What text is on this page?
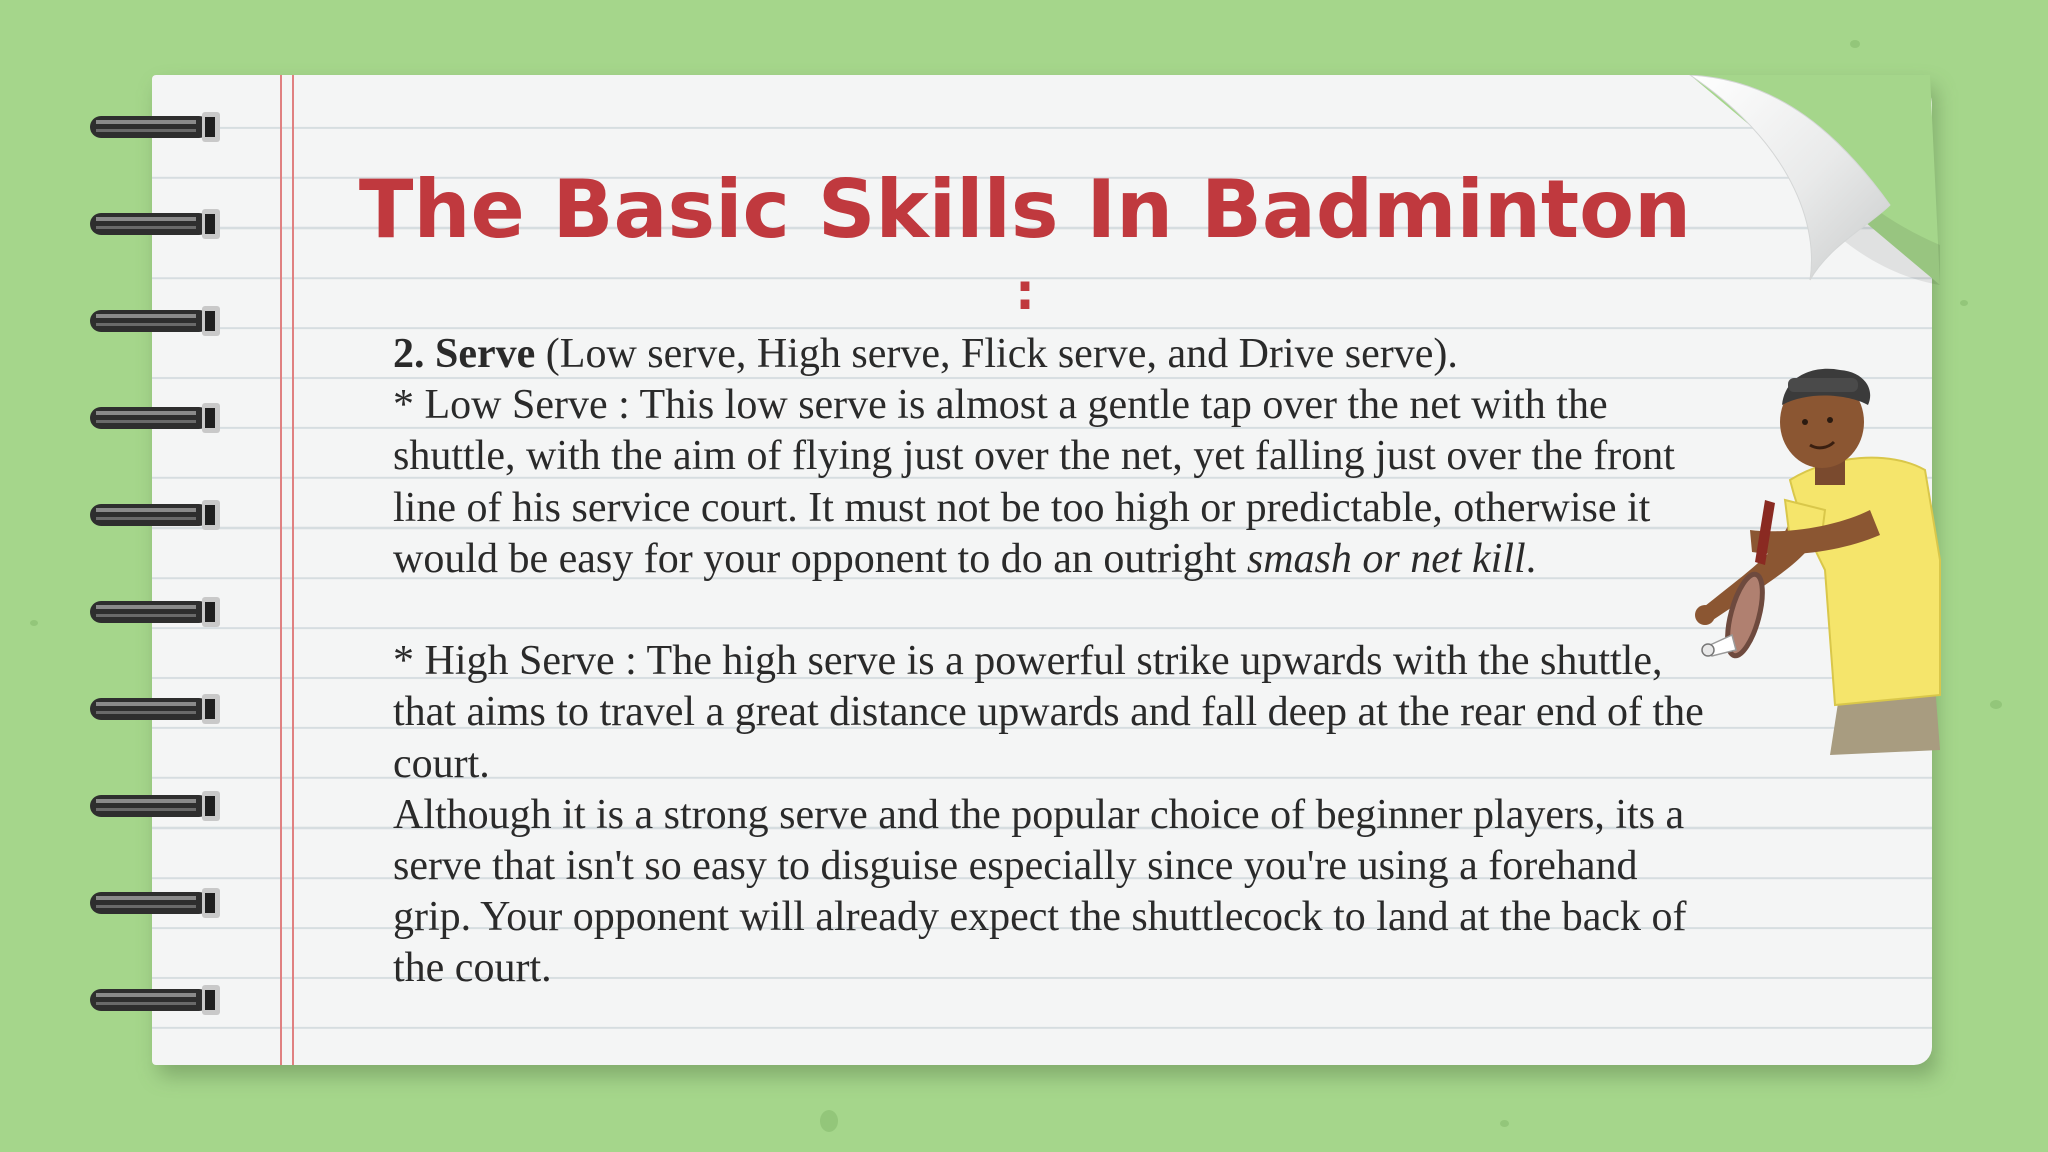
The Basic Skills In Badminton
:

2. Serve (Low serve, High serve, Flick serve, and Drive serve).

* Low Serve : This low serve is almost a gentle tap over the net with the shuttle, with the aim of flying just over the net, yet falling just over the front line of his service court. It must not be too high or predictable, otherwise it would be easy for your opponent to do an outright smash or net kill.

* High Serve : The high serve is a powerful strike upwards with the shuttle, that aims to travel a great distance upwards and fall deep at the rear end of the court.

Although it is a strong serve and the popular choice of beginner players, its a serve that isn't so easy to disguise especially since you're using a forehand grip. Your opponent will already expect the shuttlecock to land at the back of the court.
